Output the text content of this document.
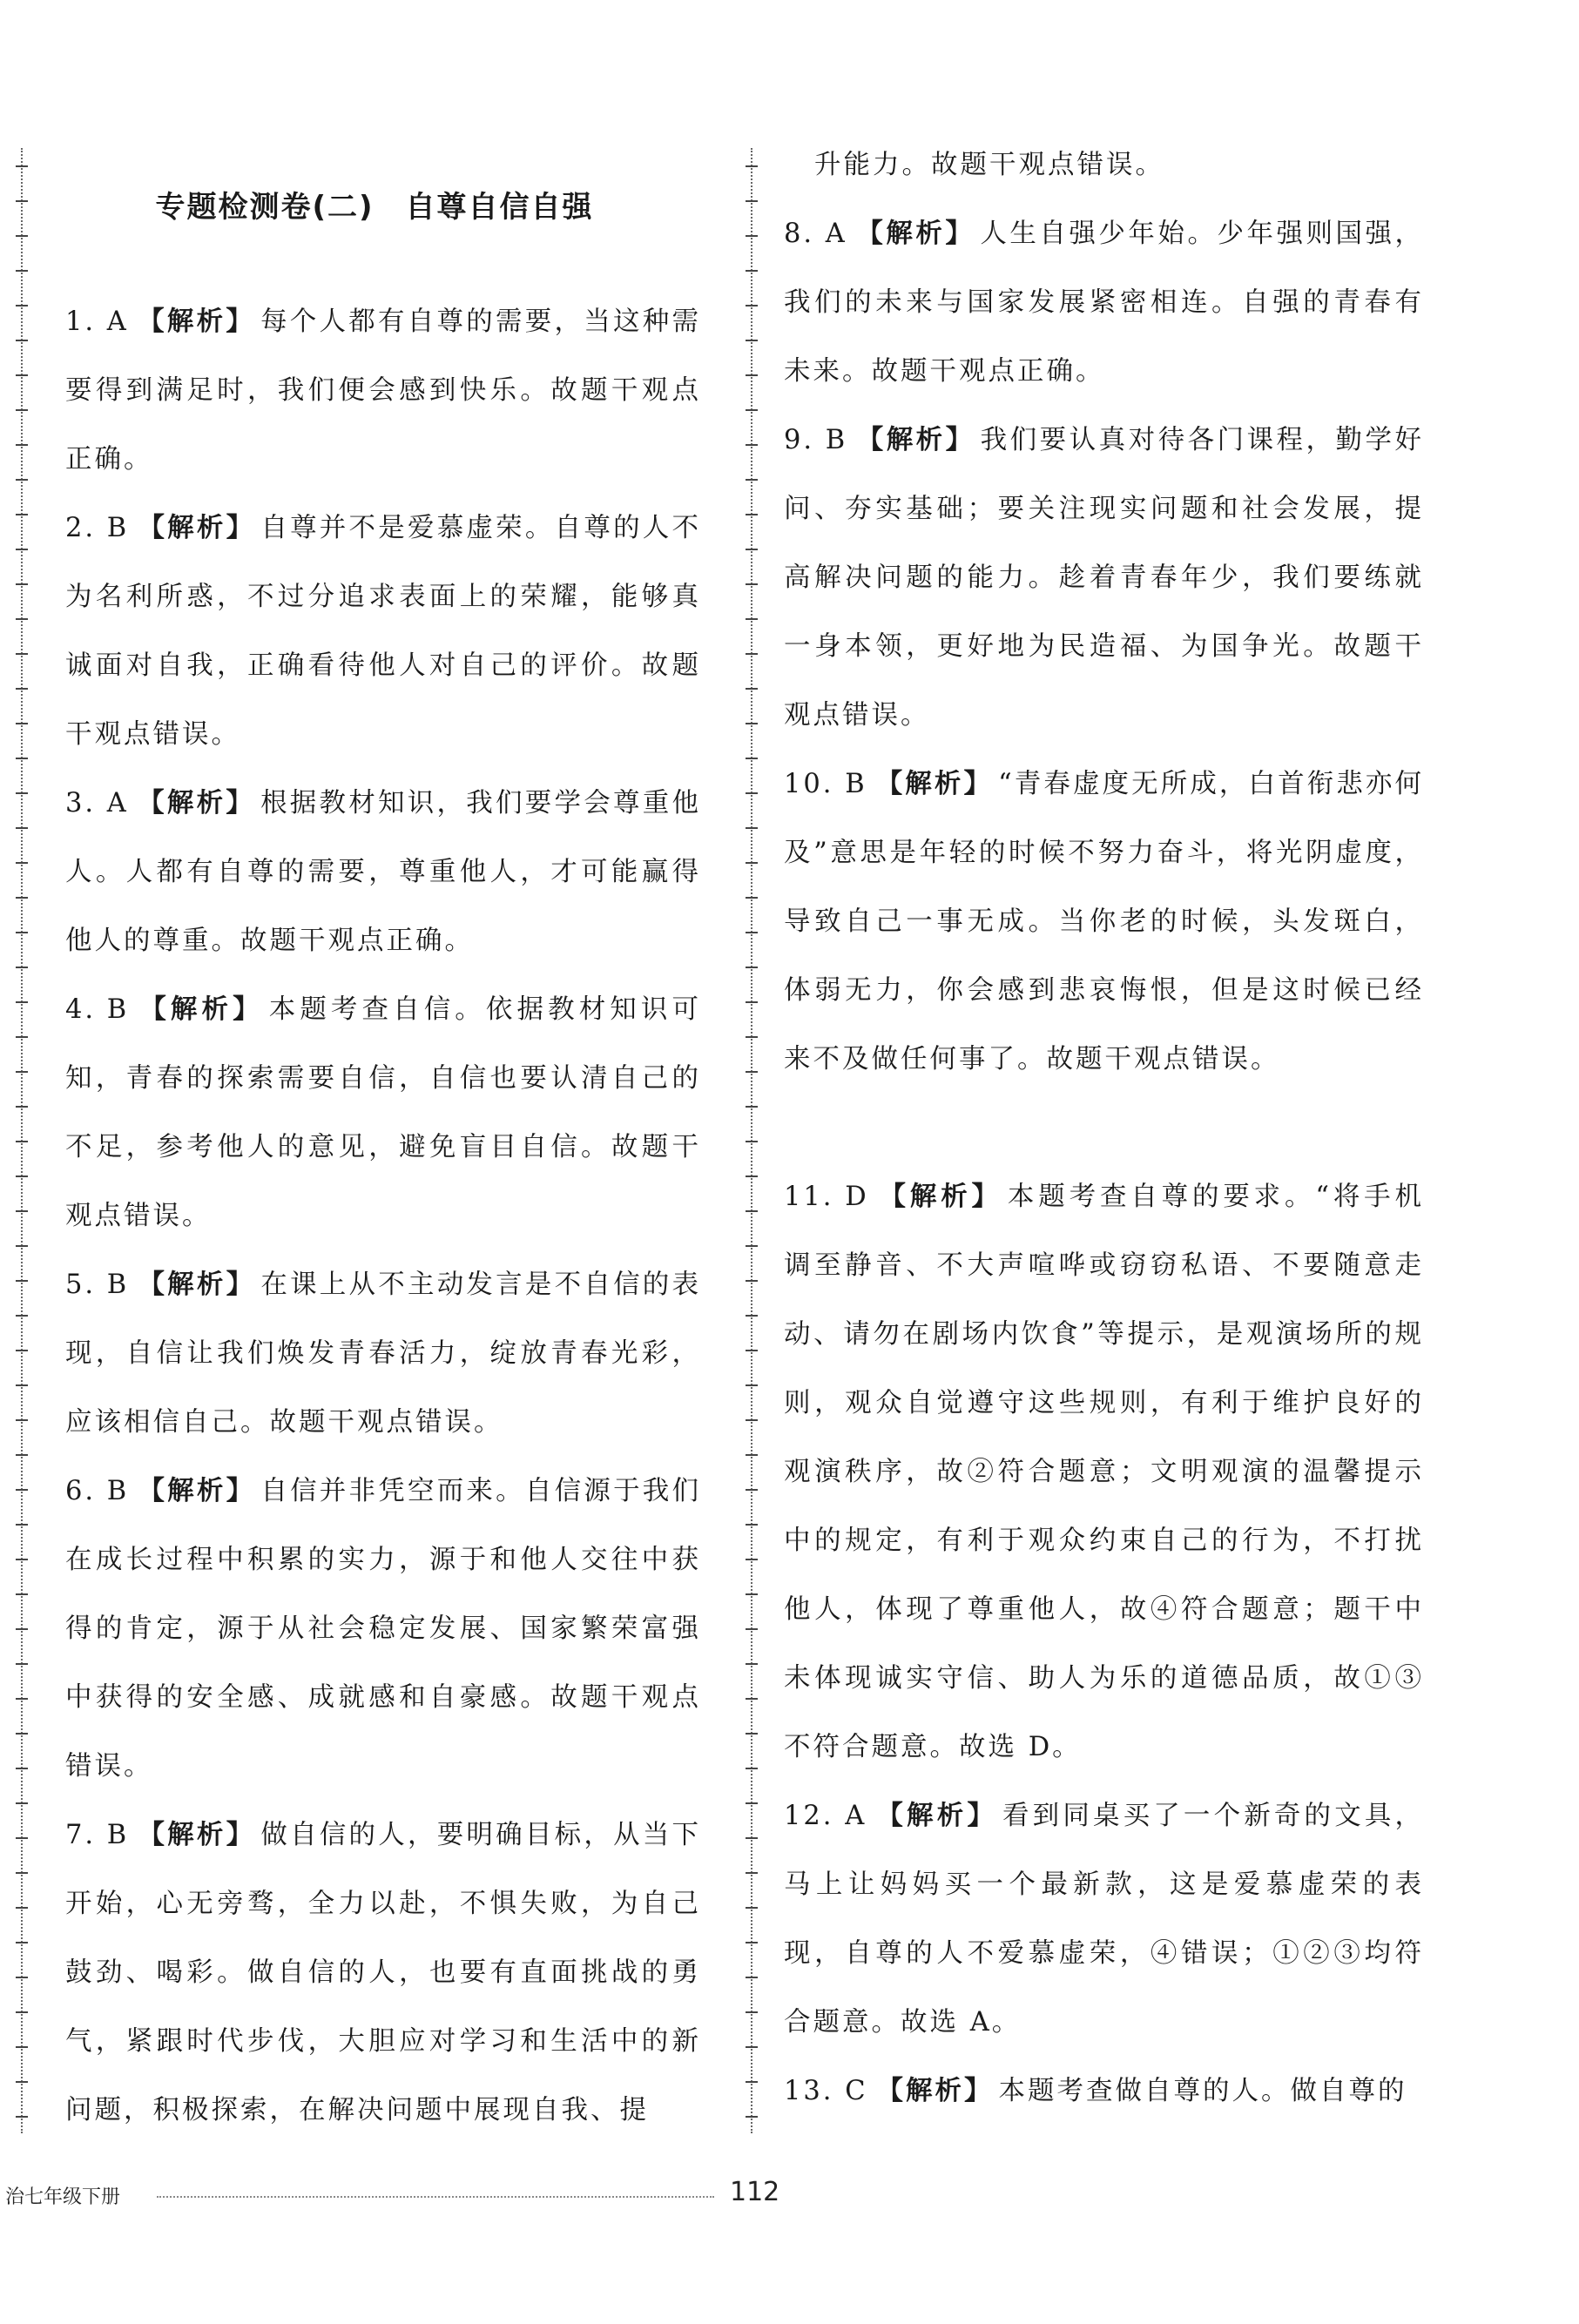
专题检测卷(二)　自尊自信自强
1. A 【解析】 每个人都有自尊的需要，当这种需要得到满足时，我们便会感到快乐。故题干观点正确。
2. B 【解析】 自尊并不是爱慕虚荣。自尊的人不为名利所惑，不过分追求表面上的荣耀，能够真诚面对自我，正确看待他人对自己的评价。故题干观点错误。
3. A 【解析】 根据教材知识，我们要学会尊重他人。人都有自尊的需要，尊重他人，才可能赢得他人的尊重。故题干观点正确。
4. B 【解析】 本题考查自信。依据教材知识可知，青春的探索需要自信，自信也要认清自己的不足，参考他人的意见，避免盲目自信。故题干观点错误。
5. B 【解析】 在课上从不主动发言是不自信的表现，自信让我们焕发青春活力，绽放青春光彩，应该相信自己。故题干观点错误。
6. B 【解析】 自信并非凭空而来。自信源于我们在成长过程中积累的实力，源于和他人交往中获得的肯定，源于从社会稳定发展、国家繁荣富强中获得的安全感、成就感和自豪感。故题干观点错误。
7. B 【解析】 做自信的人，要明确目标，从当下开始，心无旁骛，全力以赴，不惧失败，为自己鼓劲、喝彩。做自信的人，也要有直面挑战的勇气，紧跟时代步伐，大胆应对学习和生活中的新问题，积极探索，在解决问题中展现自我、提
升能力。故题干观点错误。
8. A 【解析】 人生自强少年始。少年强则国强，我们的未来与国家发展紧密相连。自强的青春有未来。故题干观点正确。
9. B 【解析】 我们要认真对待各门课程，勤学好问、夯实基础；要关注现实问题和社会发展，提高解决问题的能力。趁着青春年少，我们要练就一身本领，更好地为民造福、为国争光。故题干观点错误。
10. B 【解析】 “青春虚度无所成，白首衔悲亦何及”意思是年轻的时候不努力奋斗，将光阴虚度，导致自己一事无成。当你老的时候，头发斑白，体弱无力，你会感到悲哀悔恨，但是这时候已经来不及做任何事了。故题干观点错误。
11. D 【解析】 本题考查自尊的要求。“将手机调至静音、不大声喧哗或窃窃私语、不要随意走动、请勿在剧场内饮食”等提示，是观演场所的规则，观众自觉遵守这些规则，有利于维护良好的观演秩序，故②符合题意；文明观演的温馨提示中的规定，有利于观众约束自己的行为，不打扰他人，体现了尊重他人，故④符合题意；题干中未体现诚实守信、助人为乐的道德品质，故①③不符合题意。故选 D。
12. A 【解析】 看到同桌买了一个新奇的文具，马上让妈妈买一个最新款，这是爱慕虚荣的表现，自尊的人不爱慕虚荣，④错误；①②③均符合题意。故选 A。
13. C 【解析】 本题考查做自尊的人。做自尊的
治七年级下册	112
